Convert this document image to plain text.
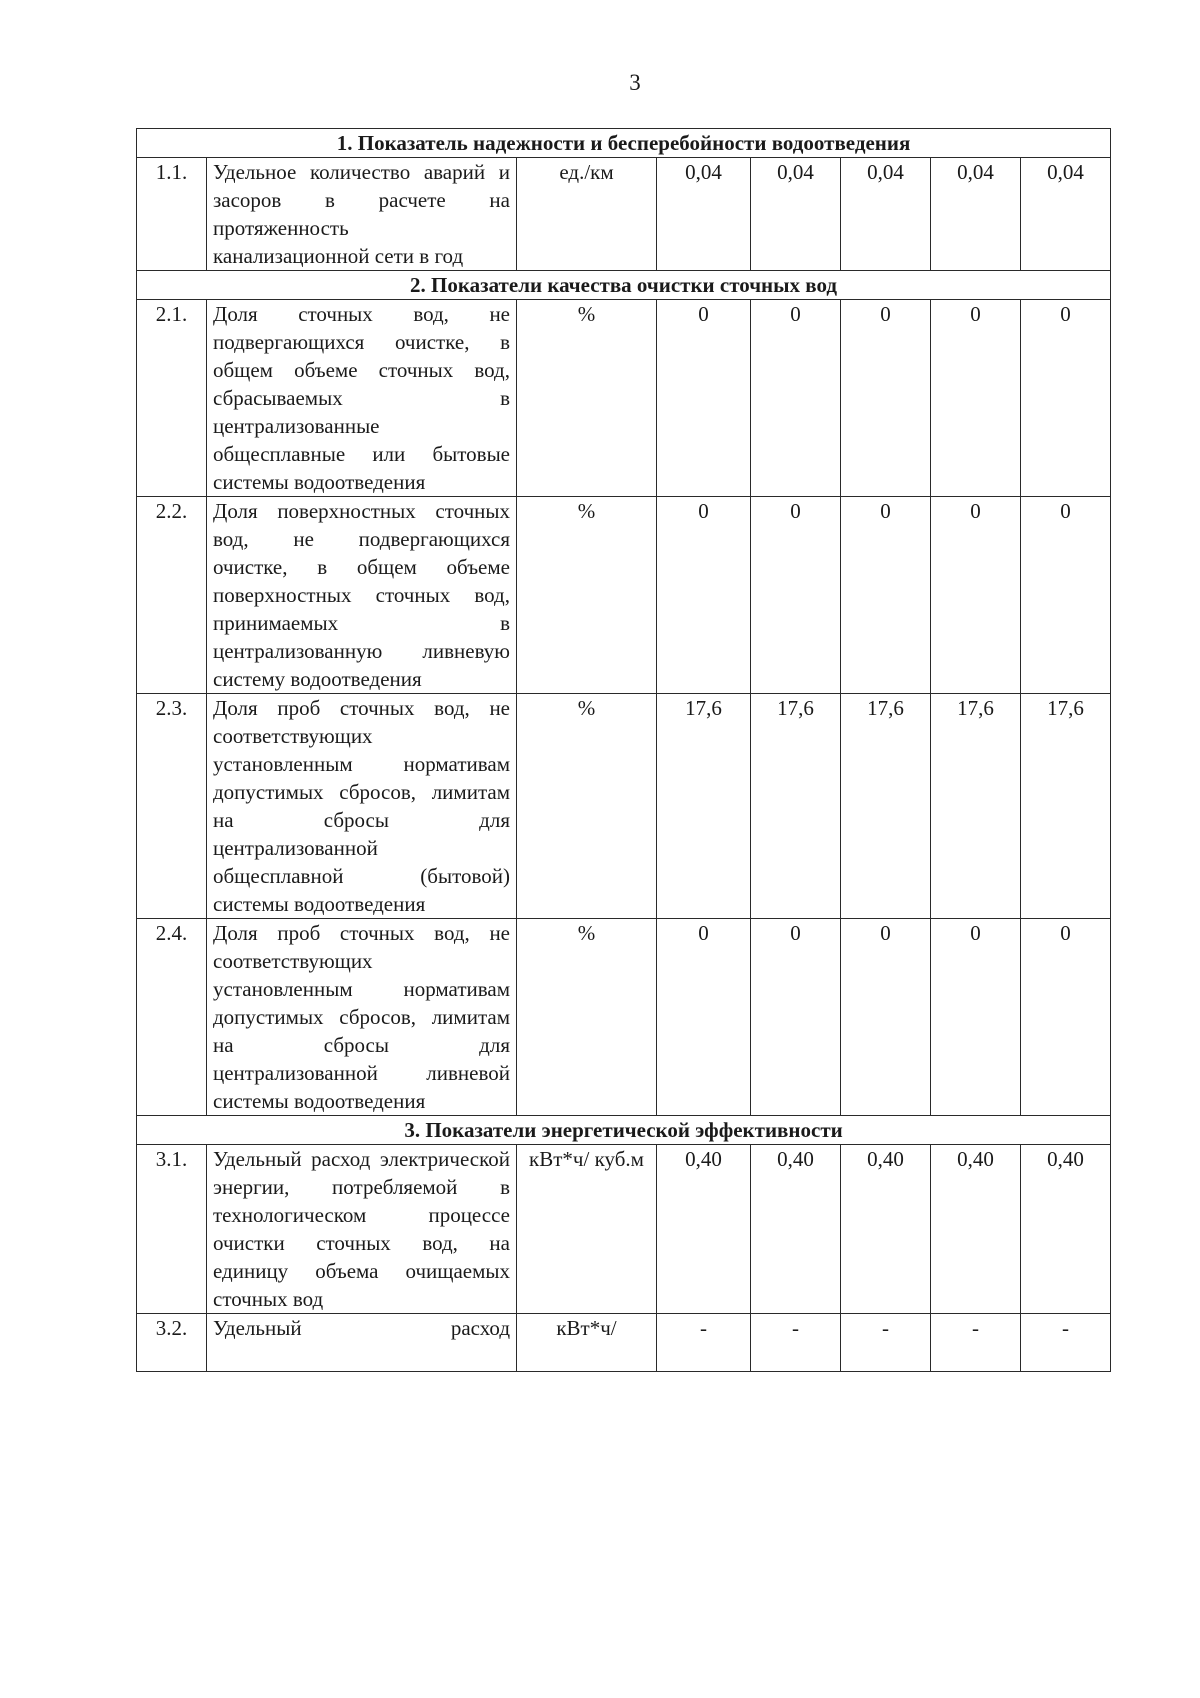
3
1. Показатель надежности и бесперебойности водоотведения							
1.1.	Удельное количество аварий и засоров в расчете на протяженность канализационной сети в год	ед./км	0,04	0,04	0,04	0,04	0,04
2. Показатели качества очистки сточных вод							
2.1.	Доля сточных вод, не подвергающихся очистке, в общем объеме сточных вод, сбрасываемых в централизованные общесплавные или бытовые системы водоотведения	%	0	0	0	0	0
2.2.	Доля поверхностных сточных вод, не подвергающихся очистке, в общем объеме поверхностных сточных вод, принимаемых в централизованную ливневую систему водоотведения	%	0	0	0	0	0
2.3.	Доля проб сточных вод, не соответствующих установленным нормативам допустимых сбросов, лимитам на сбросы для централизованной общесплавной (бытовой) системы водоотведения	%	17,6	17,6	17,6	17,6	17,6
2.4.	Доля проб сточных вод, не соответствующих установленным нормативам допустимых сбросов, лимитам на сбросы для централизованной ливневой системы водоотведения	%	0	0	0	0	0
3. Показатели энергетической эффективности							
3.1.	Удельный расход электрической энергии, потребляемой в технологическом процессе очистки сточных вод, на единицу объема очищаемых сточных вод	кВт*ч/ куб.м	0,40	0,40	0,40	0,40	0,40
3.2.	Удельный расход	кВт*ч/	-	-	-	-	-
